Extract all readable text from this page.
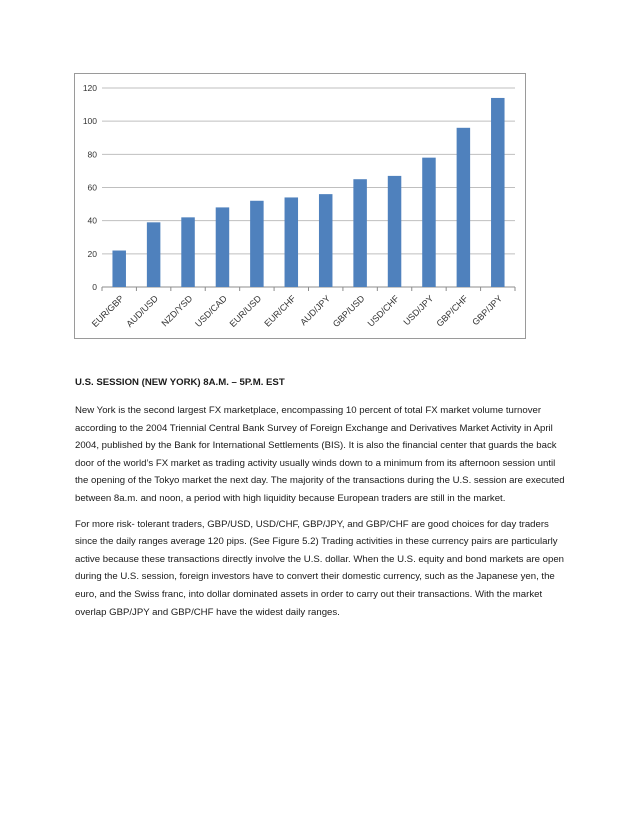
0
20
40
60
80
100
120
EUR/GBP
AUD/USD NZD/YSD
USD/CAD
EUR/USD EUR/CHF AUD/JPY
GBP/USD USD/CHF USD/JPY GBP/CHF GBP/JPY
U.S. SESSION (NEW YORK) 8A.M. – 5P.M. EST

New York is the second largest FX marketplace, encompassing 10 percent of total FX market volume turnover according to the 2004 Triennial Central Bank Survey of Foreign Exchange and Derivatives Market Activity in April 2004, published by the Bank for International Settlements (BIS). It is also the financial center that guards the back door of the world’s FX market as trading activity usually winds down to a minimum from its afternoon session until the opening of the Tokyo market the next day. The majority of the transactions during the U.S. session are executed between 8a.m. and noon, a period with high liquidity because European traders are still in the market.

For more risk- tolerant traders, GBP/USD, USD/CHF, GBP/JPY, and GBP/CHF are good choices for day traders since the daily ranges average 120 pips. (See Figure 5.2) Trading activities in these currency pairs are particularly active because these transactions directly involve the U.S. dollar. When the U.S. equity and bond markets are open during the U.S. session, foreign investors have to convert their domestic currency, such as the Japanese yen, the euro, and the Swiss franc, into dollar dominated assets in order to carry out their transactions. With the market overlap GBP/JPY and GBP/CHF have the widest daily ranges.
